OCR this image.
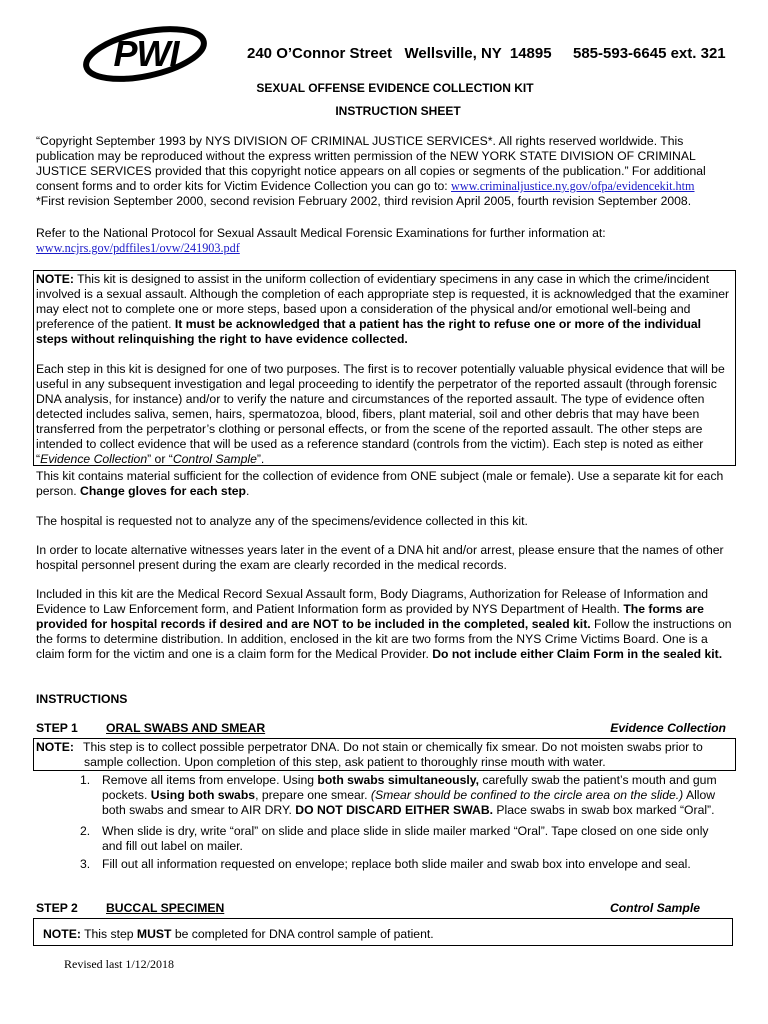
PWI	240 O’Connor Street   Wellsville, NY  14895 585-593-6645 ext. 321
SEXUAL OFFENSE EVIDENCE COLLECTION KIT
INSTRUCTION SHEET
“Copyright September 1993 by NYS DIVISION OF CRIMINAL JUSTICE SERVICES*. All rights reserved worldwide. This publication may be reproduced without the express written permission of the NEW YORK STATE DIVISION OF CRIMINAL JUSTICE SERVICES provided that this copyright notice appears on all copies or segments of the publication.” For additional consent forms and to order kits for Victim Evidence Collection you can go to: www.criminaljustice.ny.gov/ofpa/evidencekit.htm
*First revision September 2000, second revision February 2002, third revision April 2005, fourth revision September 2008.
Refer to the National Protocol for Sexual Assault Medical Forensic Examinations for further information at:
www.ncjrs.gov/pdffiles1/ovw/241903.pdf
NOTE: This kit is designed to assist in the uniform collection of evidentiary specimens in any case in which the crime/incident involved is a sexual assault. Although the completion of each appropriate step is requested, it is acknowledged that the examiner may elect not to complete one or more steps, based upon a consideration of the physical and/or emotional well-being and preference of the patient. It must be acknowledged that a patient has the right to refuse one or more of the individual steps without relinquishing the right to have evidence collected.
Each step in this kit is designed for one of two purposes. The first is to recover potentially valuable physical evidence that will be useful in any subsequent investigation and legal proceeding to identify the perpetrator of the reported assault (through forensic DNA analysis, for instance) and/or to verify the nature and circumstances of the reported assault. The type of evidence often detected includes saliva, semen, hairs, spermatozoa, blood, fibers, plant material, soil and other debris that may have been transferred from the perpetrator’s clothing or personal effects, or from the scene of the reported assault. The other steps are intended to collect evidence that will be used as a reference standard (controls from the victim). Each step is noted as either “Evidence Collection” or “Control Sample”.
This kit contains material sufficient for the collection of evidence from ONE subject (male or female). Use a separate kit for each person. Change gloves for each step.
The hospital is requested not to analyze any of the specimens/evidence collected in this kit.
In order to locate alternative witnesses years later in the event of a DNA hit and/or arrest, please ensure that the names of other hospital personnel present during the exam are clearly recorded in the medical records.
Included in this kit are the Medical Record Sexual Assault form, Body Diagrams, Authorization for Release of Information and Evidence to Law Enforcement form, and Patient Information form as provided by NYS Department of Health. The forms are provided for hospital records if desired and are NOT to be included in the completed, sealed kit. Follow the instructions on the forms to determine distribution. In addition, enclosed in the kit are two forms from the NYS Crime Victims Board. One is a claim form for the victim and one is a claim form for the Medical Provider. Do not include either Claim Form in the sealed kit.
INSTRUCTIONS
STEP 1 ORAL SWABS AND SMEAR	Evidence Collection
NOTE: This step is to collect possible perpetrator DNA. Do not stain or chemically fix smear. Do not moisten swabs prior to sample collection. Upon completion of this step, ask patient to thoroughly rinse mouth with water.
1. Remove all items from envelope. Using both swabs simultaneously, carefully swab the patient’s mouth and gum pockets. Using both swabs, prepare one smear. (Smear should be confined to the circle area on the slide.) Allow both swabs and smear to AIR DRY. DO NOT DISCARD EITHER SWAB. Place swabs in swab box marked “Oral”.
2. When slide is dry, write “oral” on slide and place slide in slide mailer marked “Oral”. Tape closed on one side only and fill out label on mailer.
3. Fill out all information requested on envelope; replace both slide mailer and swab box into envelope and seal.
STEP 2 BUCCAL SPECIMEN	Control Sample
NOTE: This step MUST be completed for DNA control sample of patient.
Revised last 1/12/2018
